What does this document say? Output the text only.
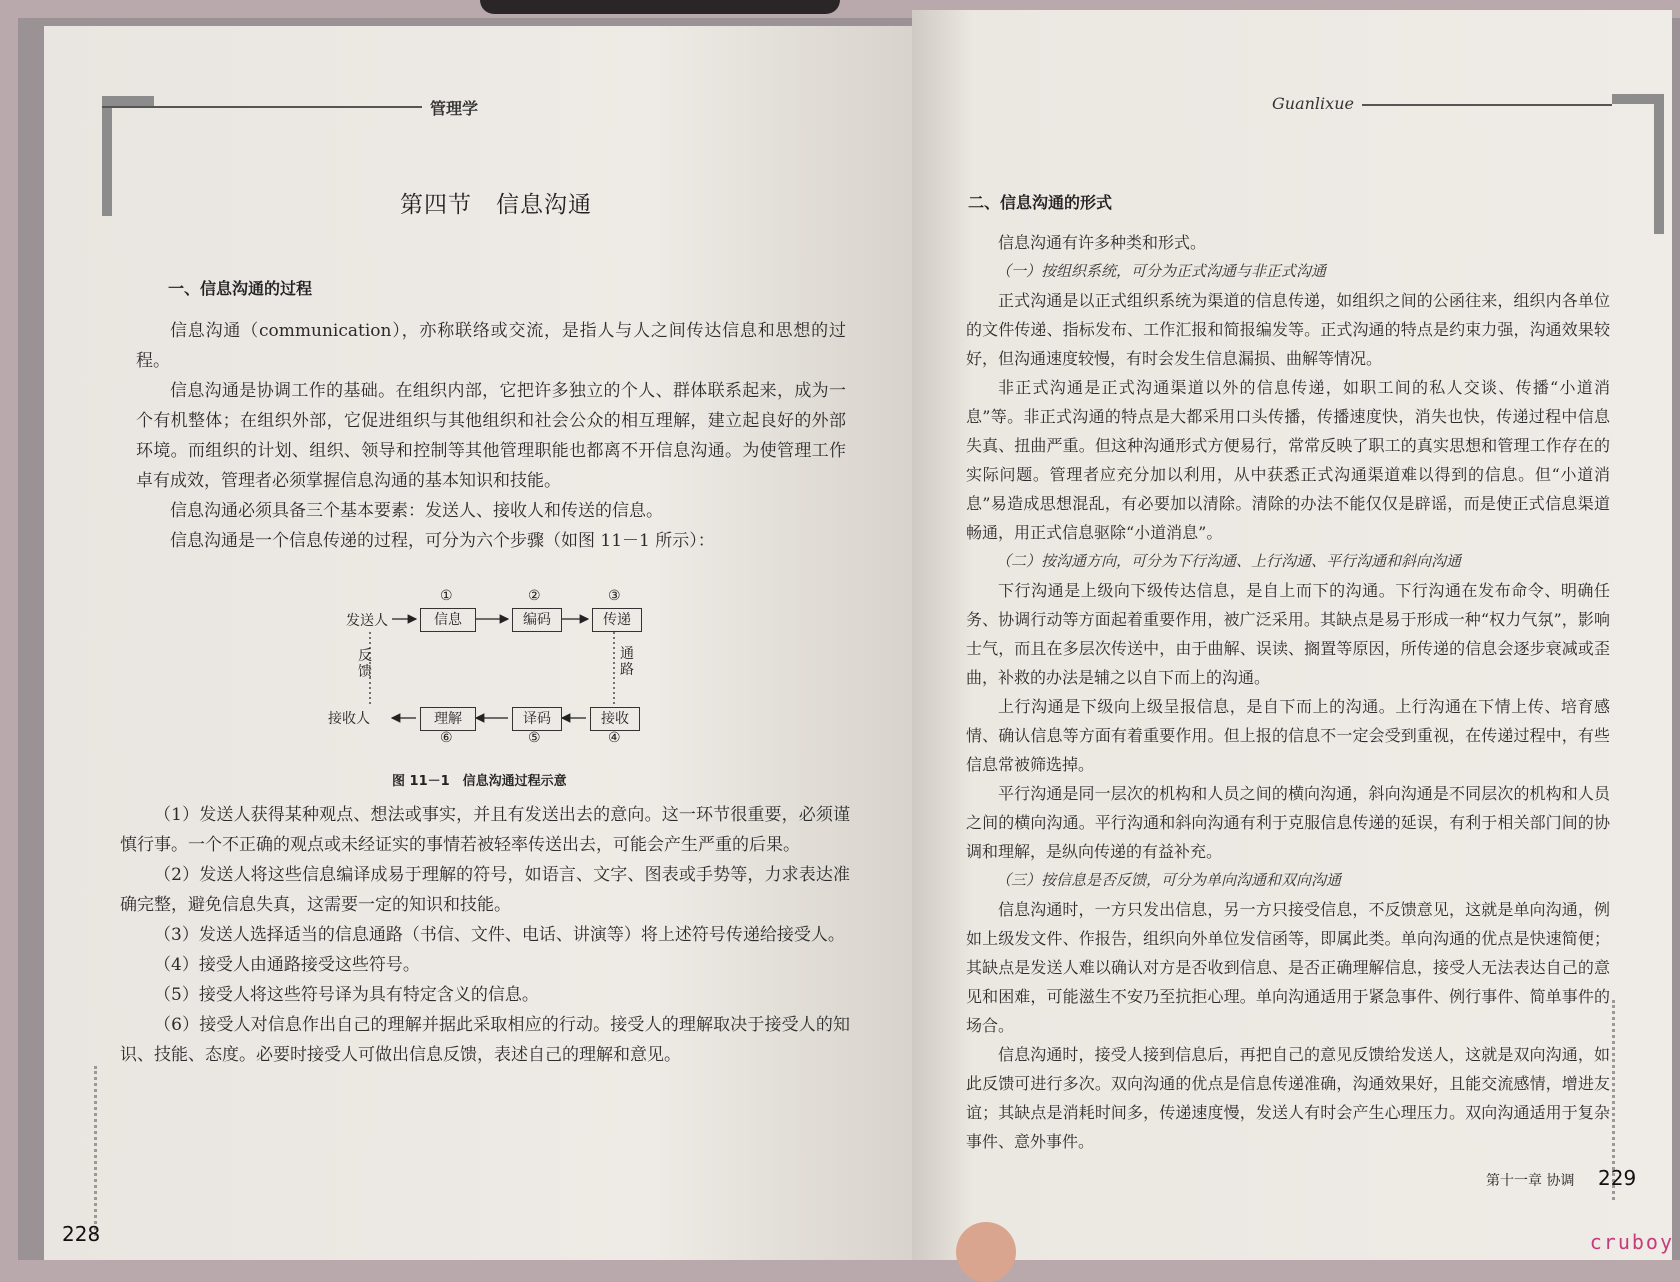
管理学
第四节　信息沟通
一、信息沟通的过程

信息沟通（communication），亦称联络或交流，是指人与人之间传达信息和思想的过程。

信息沟通是协调工作的基础。在组织内部，它把许多独立的个人、群体联系起来，成为一个有机整体；在组织外部，它促进组织与其他组织和社会公众的相互理解，建立起良好的外部环境。而组织的计划、组织、领导和控制等其他管理职能也都离不开信息沟通。为使管理工作卓有成效，管理者必须掌握信息沟通的基本知识和技能。

信息沟通必须具备三个基本要素：发送人、接收人和传送的信息。

信息沟通是一个信息传递的过程，可分为六个步骤（如图 11－1 所示）：

图 11－1　信息沟通过程示意

（1）发送人获得某种观点、想法或事实，并且有发送出去的意向。这一环节很重要，必须谨慎行事。一个不正确的观点或未经证实的事情若被轻率传送出去，可能会产生严重的后果。

（2）发送人将这些信息编译成易于理解的符号，如语言、文字、图表或手势等，力求表达准确完整，避免信息失真，这需要一定的知识和技能。

（3）发送人选择适当的信息通路（书信、文件、电话、讲演等）将上述符号传递给接受人。

（4）接受人由通路接受这些符号。

（5）接受人将这些符号译为具有特定含义的信息。

（6）接受人对信息作出自己的理解并据此采取相应的行动。接受人的理解取决于接受人的知识、技能、态度。必要时接受人可做出信息反馈，表述自己的理解和意见。

228
发送人	信息	编码	传递
接收
译码
理解
①	②	③
④
⑤
⑥
接收人
反馈
通路
Guanlixue
二、信息沟通的形式

信息沟通有许多种类和形式。

（一）按组织系统，可分为正式沟通与非正式沟通

正式沟通是以正式组织系统为渠道的信息传递，如组织之间的公函往来，组织内各单位的文件传递、指标发布、工作汇报和简报编发等。正式沟通的特点是约束力强，沟通效果较好，但沟通速度较慢，有时会发生信息漏损、曲解等情况。

非正式沟通是正式沟通渠道以外的信息传递，如职工间的私人交谈、传播“小道消息”等。非正式沟通的特点是大都采用口头传播，传播速度快，消失也快，传递过程中信息失真、扭曲严重。但这种沟通形式方便易行，常常反映了职工的真实思想和管理工作存在的实际问题。管理者应充分加以利用，从中获悉正式沟通渠道难以得到的信息。但“小道消息”易造成思想混乱，有必要加以清除。清除的办法不能仅仅是辟谣，而是使正式信息渠道畅通，用正式信息驱除“小道消息”。

（二）按沟通方向，可分为下行沟通、上行沟通、平行沟通和斜向沟通

下行沟通是上级向下级传达信息，是自上而下的沟通。下行沟通在发布命令、明确任务、协调行动等方面起着重要作用，被广泛采用。其缺点是易于形成一种“权力气氛”，影响士气，而且在多层次传送中，由于曲解、误读、搁置等原因，所传递的信息会逐步衰减或歪曲，补救的办法是辅之以自下而上的沟通。

上行沟通是下级向上级呈报信息，是自下而上的沟通。上行沟通在下情上传、培育感情、确认信息等方面有着重要作用。但上报的信息不一定会受到重视，在传递过程中，有些信息常被筛选掉。

平行沟通是同一层次的机构和人员之间的横向沟通，斜向沟通是不同层次的机构和人员之间的横向沟通。平行沟通和斜向沟通有利于克服信息传递的延误，有利于相关部门间的协调和理解，是纵向传递的有益补充。

（三）按信息是否反馈，可分为单向沟通和双向沟通

信息沟通时，一方只发出信息，另一方只接受信息，不反馈意见，这就是单向沟通，例如上级发文件、作报告，组织向外单位发信函等，即属此类。单向沟通的优点是快速简便；其缺点是发送人难以确认对方是否收到信息、是否正确理解信息，接受人无法表达自己的意见和困难，可能滋生不安乃至抗拒心理。单向沟通适用于紧急事件、例行事件、简单事件的场合。

信息沟通时，接受人接到信息后，再把自己的意见反馈给发送人，这就是双向沟通，如此反馈可进行多次。双向沟通的优点是信息传递准确，沟通效果好，且能交流感情，增进友谊；其缺点是消耗时间多，传递速度慢，发送人有时会产生心理压力。双向沟通适用于复杂事件、意外事件。

第十一章 协调 229
cruboy
